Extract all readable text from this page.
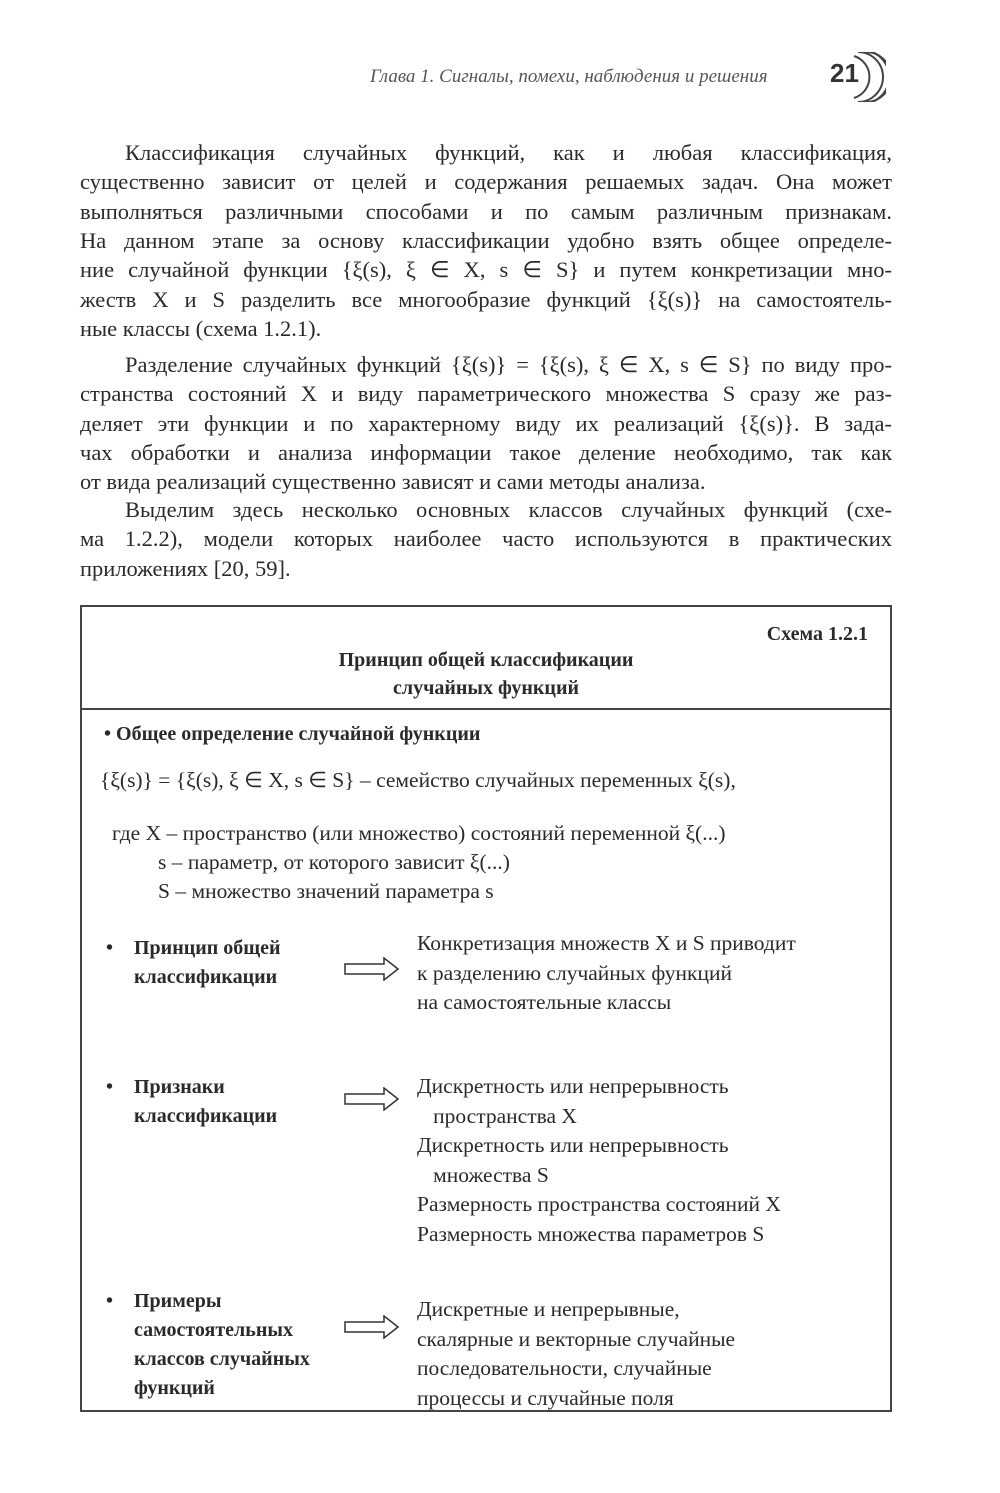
Глава 1. Сигналы, помехи, наблюдения и решения 21
Классификация случайных функций, как и любая классификация,
существенно зависит от целей и содержания решаемых задач. Она может
выполняться различными способами и по самым различным признакам.
На данном этапе за основу классификации удобно взять общее определе-
ние случайной функции {ξ(s), ξ ∈ X, s ∈ S} и путем конкретизации мно-
жеств X и S разделить все многообразие функций {ξ(s)} на самостоятель-
ные классы (схема 1.2.1).
Разделение случайных функций {ξ(s)} = {ξ(s), ξ ∈ X, s ∈ S} по виду про-
странства состояний X и виду параметрического множества S сразу же раз-
деляет эти функции и по характерному виду их реализаций {ξ(s)}. В зада-
чах обработки и анализа информации такое деление необходимо, так как
от вида реализаций существенно зависят и сами методы анализа.
Выделим здесь несколько основных классов случайных функций (схе-
ма 1.2.2), модели которых наиболее часто используются в практических
приложениях [20, 59].
Схема 1.2.1
Принцип общей классификации
случайных функций
• Общее определение случайной функции
{ξ(s)} = {ξ(s), ξ ∈ X, s ∈ S} – семейство случайных переменных ξ(s),
где X – пространство (или множество) состояний переменной ξ(...)
s – параметр, от которого зависит ξ(...)
S – множество значений параметра s
• Принцип общей
классификации
Конкретизация множеств X и S приводит
к разделению случайных функций
на самостоятельные классы
• Признаки
классификации
Дискретность или непрерывность
пространства X
Дискретность или непрерывность
множества S
Размерность пространства состояний X
Размерность множества параметров S
• Примеры
самостоятельных
классов случайных
функций
Дискретные и непрерывные,
скалярные и векторные случайные
последовательности, случайные
процессы и случайные поля
